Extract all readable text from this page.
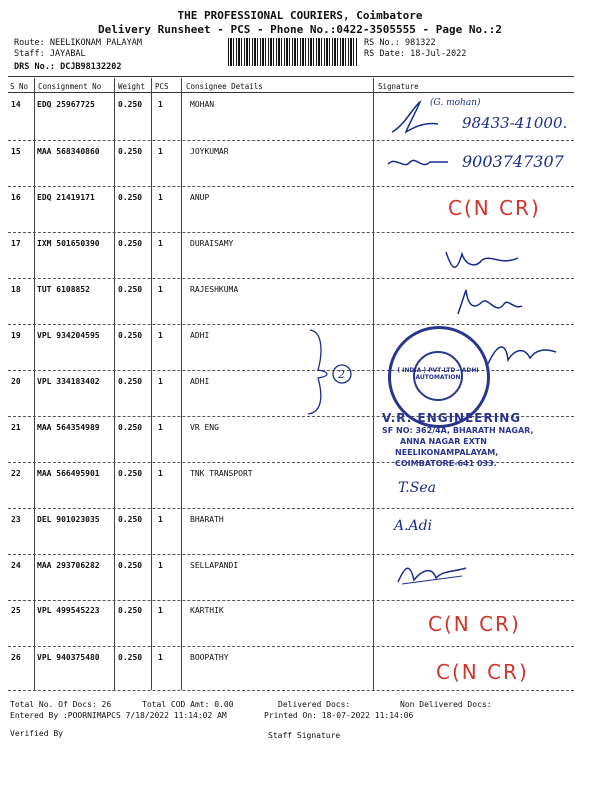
THE PROFESSIONAL COURIERS, Coimbatore
Delivery Runsheet - PCS - Phone No.:0422-3505555 - Page No.:2
Route: NEELIKONAM PALAYAM
Staff: JAYABAL
DRS No.: DCJB98132202
RS No.: 981322
RS Date: 18-Jul-2022
S No Consignment No Weight PCS Consignee Details	Signature
14 EDQ 25967725	0.250 1	MOHAN
15 MAA 568340860 0.250 1	JOYKUMAR
16 EDQ 21419171	0.250 1	ANUP
17 IXM 501650390 0.250 1	DURAISAMY
18 TUT 6108852	0.250 1	RAJESHKUMA
19 VPL 934204595 0.250 1	ADHI
20 VPL 334183402 0.250 1	ADHI
21 MAA 564354989 0.250 1	VR ENG
22 MAA 566495901 0.250 1	TNK TRANSPORT
23 DEL 901023035 0.250 1	BHARATH
24 MAA 293706282 0.250 1	SELLAPANDI
25 VPL 499545223 0.250 1	KARTHIK
26 VPL 940375480 0.250 1	BOOPATHY
(G. mohan)
98433-41000.
9003747307
C(N CR)
2	( INDIA ) PVT LTD · ADHI AUTOMATION
V.R. ENGINEERING
SF NO: 362/4A, BHARATH NAGAR,
ANNA NAGAR EXTN
NEELIKONAMPALAYAM,
COIMBATORE-641 033.
T.Sea
A.Adi
C(N CR)
C(N CR)
Total No. Of Docs: 26	Total COD Amt: 0.00	Delivered Docs:	Non Delivered Docs:
Entered By :POORNIMAPCS 7/18/2022 11:14:02 AM	Printed On: 18-07-2022 11:14:06
Verified By	Staff Signature
